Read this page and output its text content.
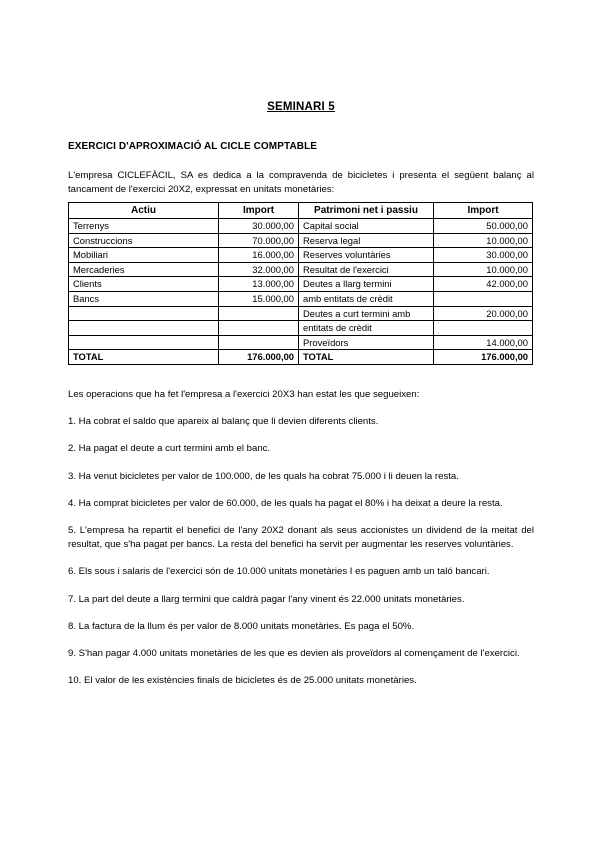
SEMINARI 5
EXERCICI D'APROXIMACIÓ AL CICLE COMPTABLE

L'empresa CICLEFÀCIL, SA es dedica a la compravenda de bicicletes i presenta el següent balanç al tancament de l'exercici 20X2, expressat en unitats monetàries:

Actiu	Import	Patrimoni net i passiu	Import
Terrenys	30.000,00	Capital social	50.000,00
Construccions	70.000,00	Reserva legal	10.000,00
Mobiliari	16.000,00	Reserves voluntàries	30.000,00
Mercaderies	32.000,00	Resultat de l'exercici	10.000,00
Clients	13.000,00	Deutes a llarg termini	42.000,00
Bancs	15.000,00	amb entitats de crèdit	
		Deutes a curt termini amb	20.000,00
		entitats de crèdit	
		Proveïdors	14.000,00
TOTAL	176.000,00	TOTAL	176.000,00

Les operacions que ha fet l'empresa a l'exercici 20X3 han estat les que segueixen:

1. Ha cobrat el saldo que apareix al balanç que li devien diferents clients.

2. Ha pagat el deute a curt termini amb el banc.

3. Ha venut bicicletes per valor de 100.000, de les quals ha cobrat 75.000 i li deuen la resta.

4. Ha comprat bicicletes per valor de 60.000, de les quals ha pagat el 80% i ha deixat a deure la resta.

5. L'empresa ha repartit el benefici de l'any 20X2 donant als seus accionistes un dividend de la meitat del resultat, que s'ha pagat per bancs. La resta del benefici ha servit per augmentar les reserves voluntàries.

6. Els sous i salaris de l'exercici són de 10.000 unitats monetàries I es paguen amb un taló bancari.

7. La part del deute a llarg termini que caldrà pagar l'any vinent és 22.000 unitats monetàries.

8. La factura de la llum és per valor de 8.000 unitats monetàries. Es paga el 50%.

9. S'han pagar 4.000 unitats monetàries de les que es devien als proveïdors al començament de l'exercici.

10. El valor de les existències finals de bicicletes és de 25.000 unitats monetàries.
